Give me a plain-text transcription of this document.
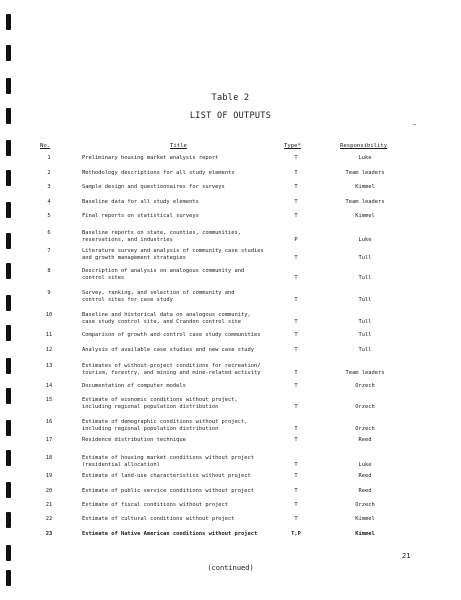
Table 2
LIST OF OUTPUTS
No.	Title	Type*	Responsibility
1	Preliminary housing market analysis report	T	Luke
2	Methodology descriptions for all study elements	T	Team leaders
3	Sample design and questionnaires for surveys	T	Kimmel
4	Baseline data for all study elements	T	Team leaders
5	Final reports on statistical surveys	T	Kimmel
6	Baseline reports on state, counties, communities,
reservations, and industries	P	Luke
7	Literature survey and analysis of community case studies
and growth management strategies	T	Tull
8	Description of analysis on analogous community and
control sites	T	Tull
9	Survey, ranking, and selection of community and
control sites for case study	T	Tull
10	Baseline and historical data on analogous community,
case study control site, and Crandon control site	T	Tull
11	Comparison of growth and control case study communities	T	Tull
12	Analysis of available case studies and new case study	T	Tull
13	Estimates of without-project conditions for recreation/
tourism, forestry, and mining and mine-related activity	T	Team leaders
14	Documentation of computer models	T	Orzech
15	Estimate of economic conditions without project,
including regional population distribution	T	Orzech
16	Estimate of demographic conditions without project,
including regional population distribution	T	Orzech
17	Residence distribution technique	T	Reed
18	Estimate of housing market conditions without project
(residential allocation)	T	Luke
19	Estimate of land-use characteristics without project	T	Reed
20	Estimate of public service conditions without project	T	Reed
21	Estimate of fiscal conditions without project	T	Orzech
22	Estimate of cultural conditions without project	T	Kimmel
23	Estimate of Native American conditions without project	T,P	Kimmel
21
(continued)
